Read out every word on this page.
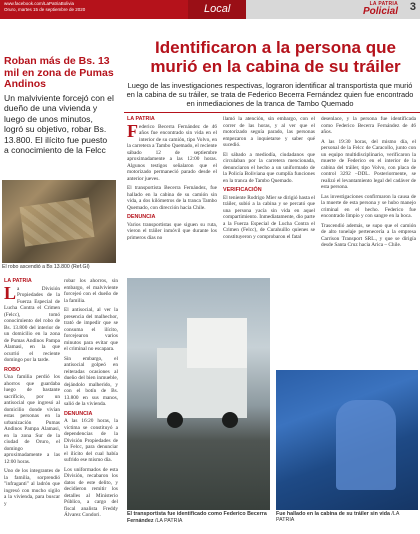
www.facebook.com/LaPatriaBolivia
Oruro, martes 15 de septiembre de 2020	Local	LA PATRIA
Policial 3
Roban más de Bs. 13 mil en zona de Pumas Andinos
Un malviviente forcejó con el dueño de una vivienda y luego de unos minutos, logró su objetivo, robar Bs. 13.800. El ilícito fue puesto a conocimiento de la Felcc
El robo ascendió a Bs 13.800 (Ref.GI)
LA PATRIA
La División Propiedades de la Fuerza Especial de Lucha Contra el Crimen (Felcc), tomó conocimiento del robo de Bs. 13.800 del interior de un domicilio en la zona de Pumas Andinos Pampa Alamasi, en la que ocurrió el reciente domingo por la tarde.
ROBO
Una familia perdió los ahorros que guardaba luego de bastante sacrificio, por un antisocial que ingresó al domicilio donde vivían estas personas en la urbanización Pumas Andinos Pampa Alamasi, en la zona Sur de la ciudad de Oruro, el domingo aproximadamente a las 12:00 horas.
Uno de los integrantes de la familia, sorprendió "infraganti" al ladrón que ingresó con mucho sigilo a la vivienda, para buscar y
robar los ahorros, sin embargo, el malviviente forcejeó con el dueño de la familia.
El antisocial, al ver la presencia del malhechor, trató de impedir que se consuma el ilícito, forcejearon varios minutos para evitar que el criminal no escapara.
Sin embargo, el antisocial golpeó en reiteradas ocasiones al dueño del bien inmueble, dejándolo malherido, y con el botín de Bs. 13.800 en sus manos, salió de la vivienda.
DENUNCIA
A las 16:20 horas, la víctima se constituyó a dependencias de la División Propiedades de la Felcc, para denunciar el ilícito del cual había sufrido ese mismo día.
Los uniformados de esta División, recabaron los datos de este delito, y decidieron remitir los detalles al Ministerio Público, a cargo del fiscal analista Freddy Álvarez Condori.
Identificaron a la persona que murió en la cabina de su tráiler
Luego de las investigaciones respectivas, lograron identificar al transportista que murió en la cabina de su tráiler, se trata de Federico Becerra Fernández quien fue encontrado en inmediaciones de la tranca de Tambo Quemado
LA PATRIA
Federico Becerra Fernández de 46 años fue encontrado sin vida en el interior de su camión, tipo Volvo, en la carretera a Tambo Quemado, el reciente sábado 12 de septiembre aproximadamente a las 12:00 horas. Algunos testigos señalaron que el motorizado permaneció parado desde el anterior jueves.
El transportista Becerra Fernández, fue hallado en la cabina de su camión sin vida, a dos kilómetros de la tranca Tambo Quemado, con dirección hacia Chile.
DENUNCIA
Varios transportistas que siguen su ruta, vieron el tráiler inmóvil que durante los primeros días no
llamó la atención, sin embargo, con el correr de las horas, y al ver que el motorizado seguía parado, las personas empezaron a inquietarse y saber qué sucedió.
El sábado a mediodía, ciudadanos que circulaban por la carretera mencionada, denunciaron el hecho a un uniformado de la Policía Boliviana que cumplía funciones en la tranca de Tambo Quemado.
VERIFICACIÓN
El teniente Rodrigo Mier se dirigió hasta el tráiler, subió a la cabina y se percató que una persona yacía sin vida en aquel compartimiento. Inmediatamente, dio parte a la Fuerza Especial de Lucha Contra el Crimen (Felcc), de Curahuillo quienes se constituyeron y comprobaron el fatal
desenlace, y la persona fue identificada como Federico Becerra Fernández de 46 años.
A las 19:30 horas, del mismo día, el personal de la Felcc de Caracollo, junto con un equipo multidisciplinario, verificaron la muerte de Federico en el interior de la cabina del tráiler, tipo Volvo, con placa de control 3292 –DDL. Posteriormente, se realizó el levantamiento legal del cadáver de esta persona.
Las investigaciones confirmaron la causa de la muerte de esta persona y se hubo manejo criminal en el hecho. Federico fue encontrado limpio y con sangre en la boca.
Trascendió además, se supo que el camión de alto tonelaje pertenecería a la empresa Carrison Transport SRL., y que se dirigía desde Santa Cruz hacia Arica – Chile.
El transportista fue identificado como Federico Becerra Fernández /LA PATRIA
Fue hallado en la cabina de su tráiler sin vida /LA PATRIA
